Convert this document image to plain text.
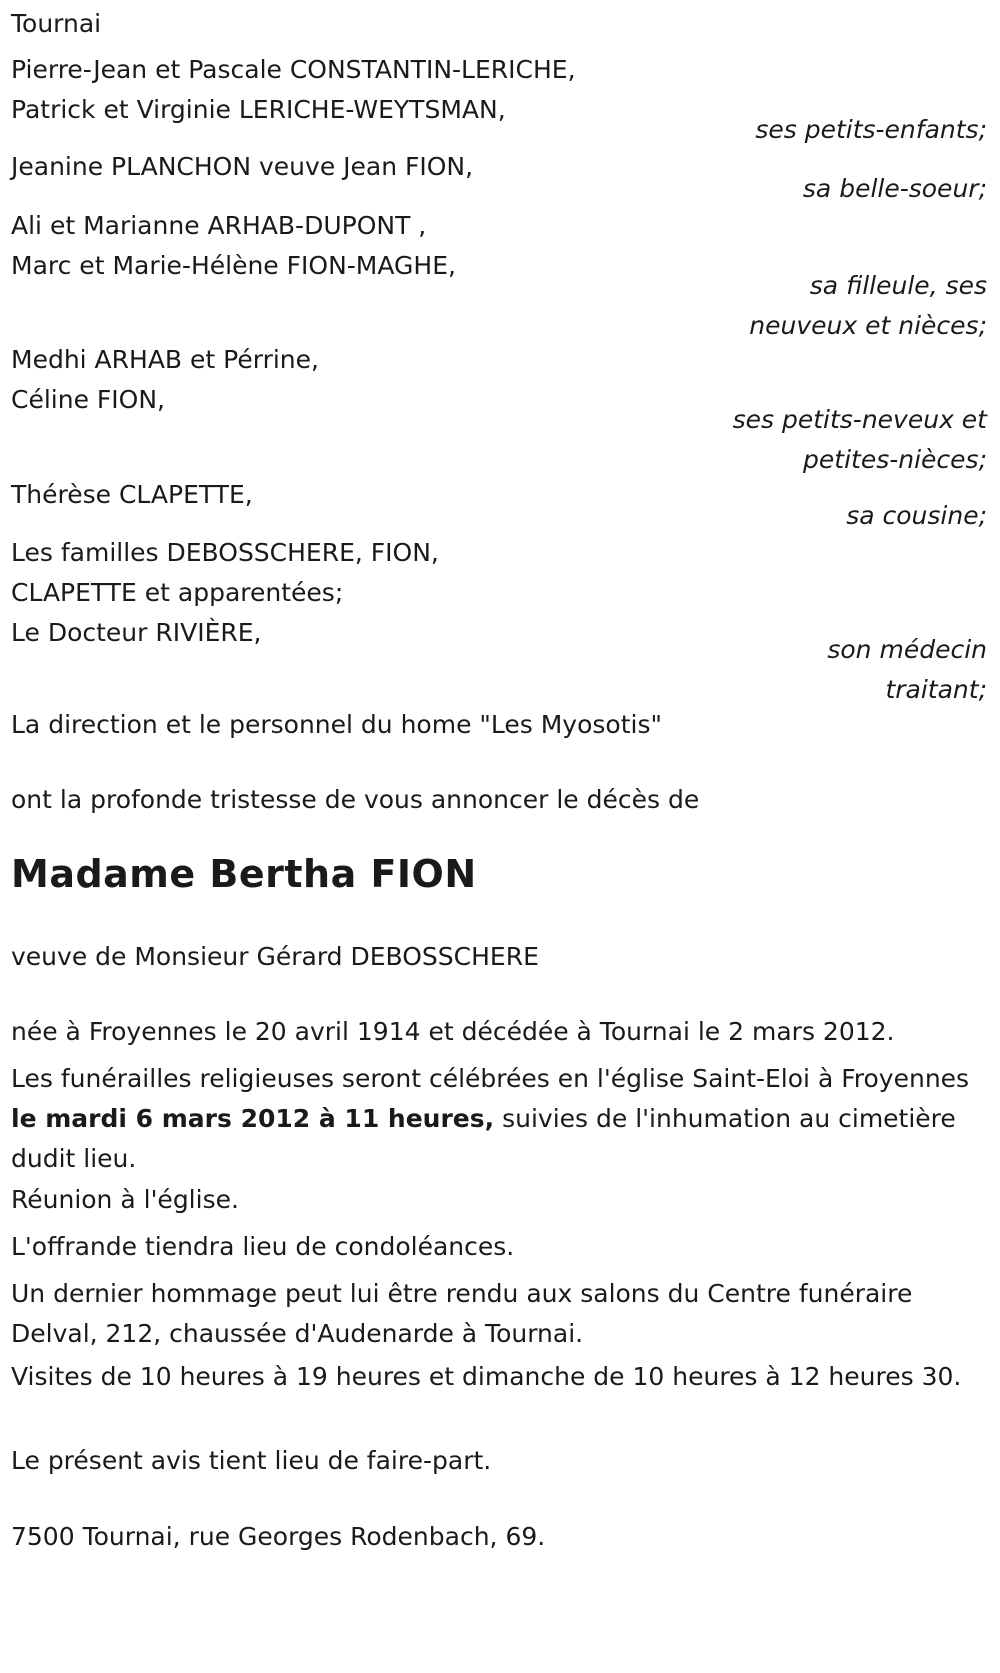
Tournai
Pierre-Jean et Pascale CONSTANTIN-LERICHE,
Patrick et Virginie LERICHE-WEYTSMAN,
ses petits-enfants;
Jeanine PLANCHON veuve Jean FION,
sa belle-soeur;
Ali et Marianne ARHAB-DUPONT ,
Marc et Marie-Hélène FION-MAGHE,
sa filleule, ses
neuveux et nièces;
Medhi ARHAB et Pérrine,
Céline FION,
ses petits-neveux et
petites-nièces;
Thérèse CLAPETTE,
sa cousine;
Les familles DEBOSSCHERE, FION,
CLAPETTE et apparentées;
Le Docteur RIVIÈRE,
son médecin
traitant;
La direction et le personnel du home "Les Myosotis"
ont la profonde tristesse de vous annoncer le décès de
Madame Bertha FION
veuve de Monsieur Gérard DEBOSSCHERE
née à Froyennes le 20 avril 1914 et décédée à Tournai le 2 mars 2012.
Les funérailles religieuses seront célébrées en l'église Saint-Eloi à Froyennes le mardi 6 mars 2012 à 11 heures, suivies de l'inhumation au cimetière dudit lieu.
Réunion à l'église.
L'offrande tiendra lieu de condoléances.
Un dernier hommage peut lui être rendu aux salons du Centre funéraire Delval, 212, chaussée d'Audenarde à Tournai.
Visites de 10 heures à 19 heures et dimanche de 10 heures à 12 heures 30.
Le présent avis tient lieu de faire-part.
7500 Tournai, rue Georges Rodenbach, 69.
